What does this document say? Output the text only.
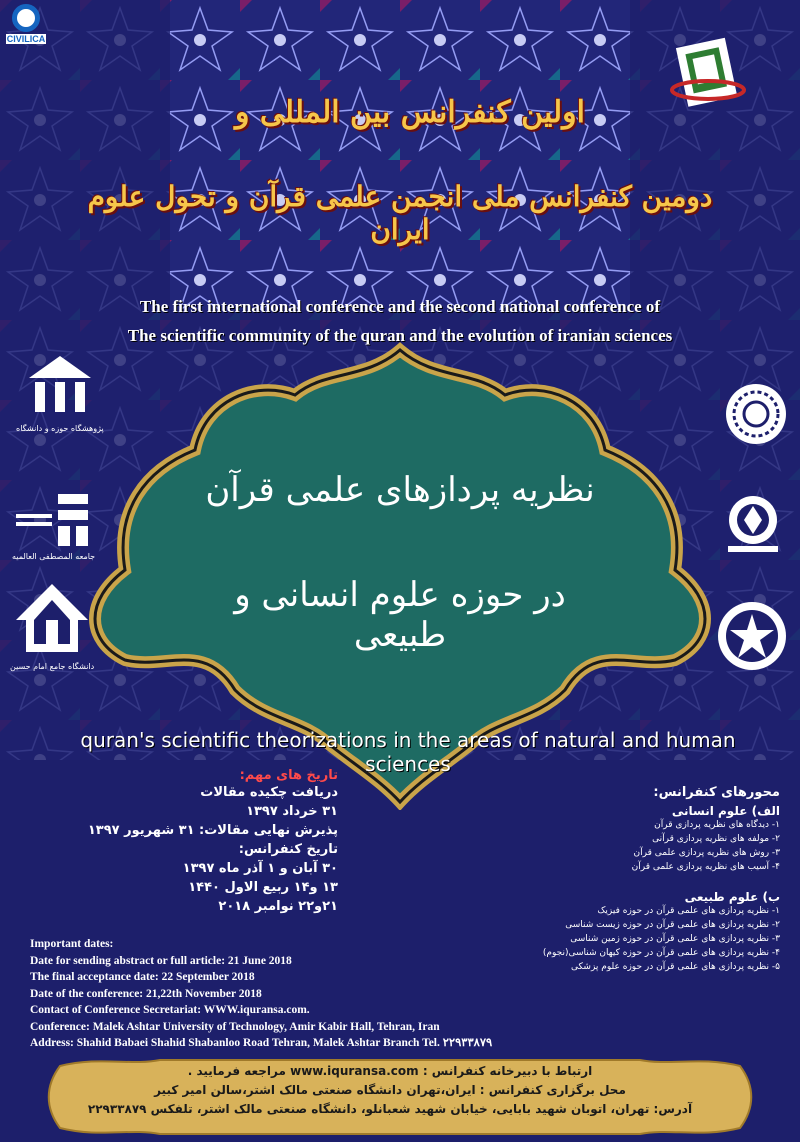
CIVILICA
پژوهشگاه حوزه و دانشگاه
جامعه المصطفی العالمیه
دانشگاه جامع امام حسین
اولین کنفرانس بین المللی و
دومین کنفرانس ملی انجمن علمی قرآن و تحول علوم ایران
The first international conference and the second national conference of
The scientific community of the quran and the evolution of iranian sciences
نظریه پردازهای علمی قرآن
در حوزه علوم انسانی و طبیعی
quran's scientific theorizations in the areas of natural and human sciences
تاریخ های مهم:
دریافت چکیده مقالات
۳۱ خرداد ۱۳۹۷
پذیرش نهایی مقالات: ۳۱ شهریور ۱۳۹۷
تاریخ کنفرانس:
۳۰ آبان و ۱ آذر ماه ۱۳۹۷
۱۳ و۱۴ ربیع الاول ۱۴۴۰
۲۱و۲۲ نوامبر ۲۰۱۸
محورهای کنفرانس:
الف) علوم انسانی
۱- دیدگاه های نظریه پردازی قرآن
۲- مولفه های نظریه پردازی قرآنی
۳- روش های نظریه پردازی علمی قرآن
۴- آسیب های نظریه پردازی علمی قرآن
ب) علوم طبیعی
۱- نظریه پردازی های علمی قرآن در حوزه فیزیک
۲- نظریه پردازی های علمی قرآن در حوزه زیست شناسی
۳- نظریه پردازی های علمی قرآن در حوزه زمین شناسی
۴- نظریه پردازی های علمی قرآن در حوزه کیهان شناسی(نجوم)
۵- نظریه پردازی های علمی قرآن در حوزه علوم پزشکی
Important dates:
Date for sending abstract or full article: 21 June 2018
The final acceptance date: 22 September 2018
Date of the conference: 21,22th November 2018
Contact of Conference Secretariat: WWW.iquransa.com.
Conference: Malek Ashtar University of Technology, Amir Kabir Hall, Tehran, Iran
Address: Shahid Babaei Shahid Shabanloo Road Tehran, Malek Ashtar Branch Tel. ۲۲۹۳۳۸۷۹
ارتباط با دبیرخانه کنفرانس : www.iquransa.com مراجعه فرمایید .
محل برگزاری کنفرانس : ایران،تهران دانشگاه صنعتی مالک اشتر،سالن امیر کبیر
آدرس: تهران، اتوبان شهید بابایی، خیابان شهید شعبانلو، دانشگاه صنعتی مالک اشتر، تلفکس ۲۲۹۳۳۸۷۹
